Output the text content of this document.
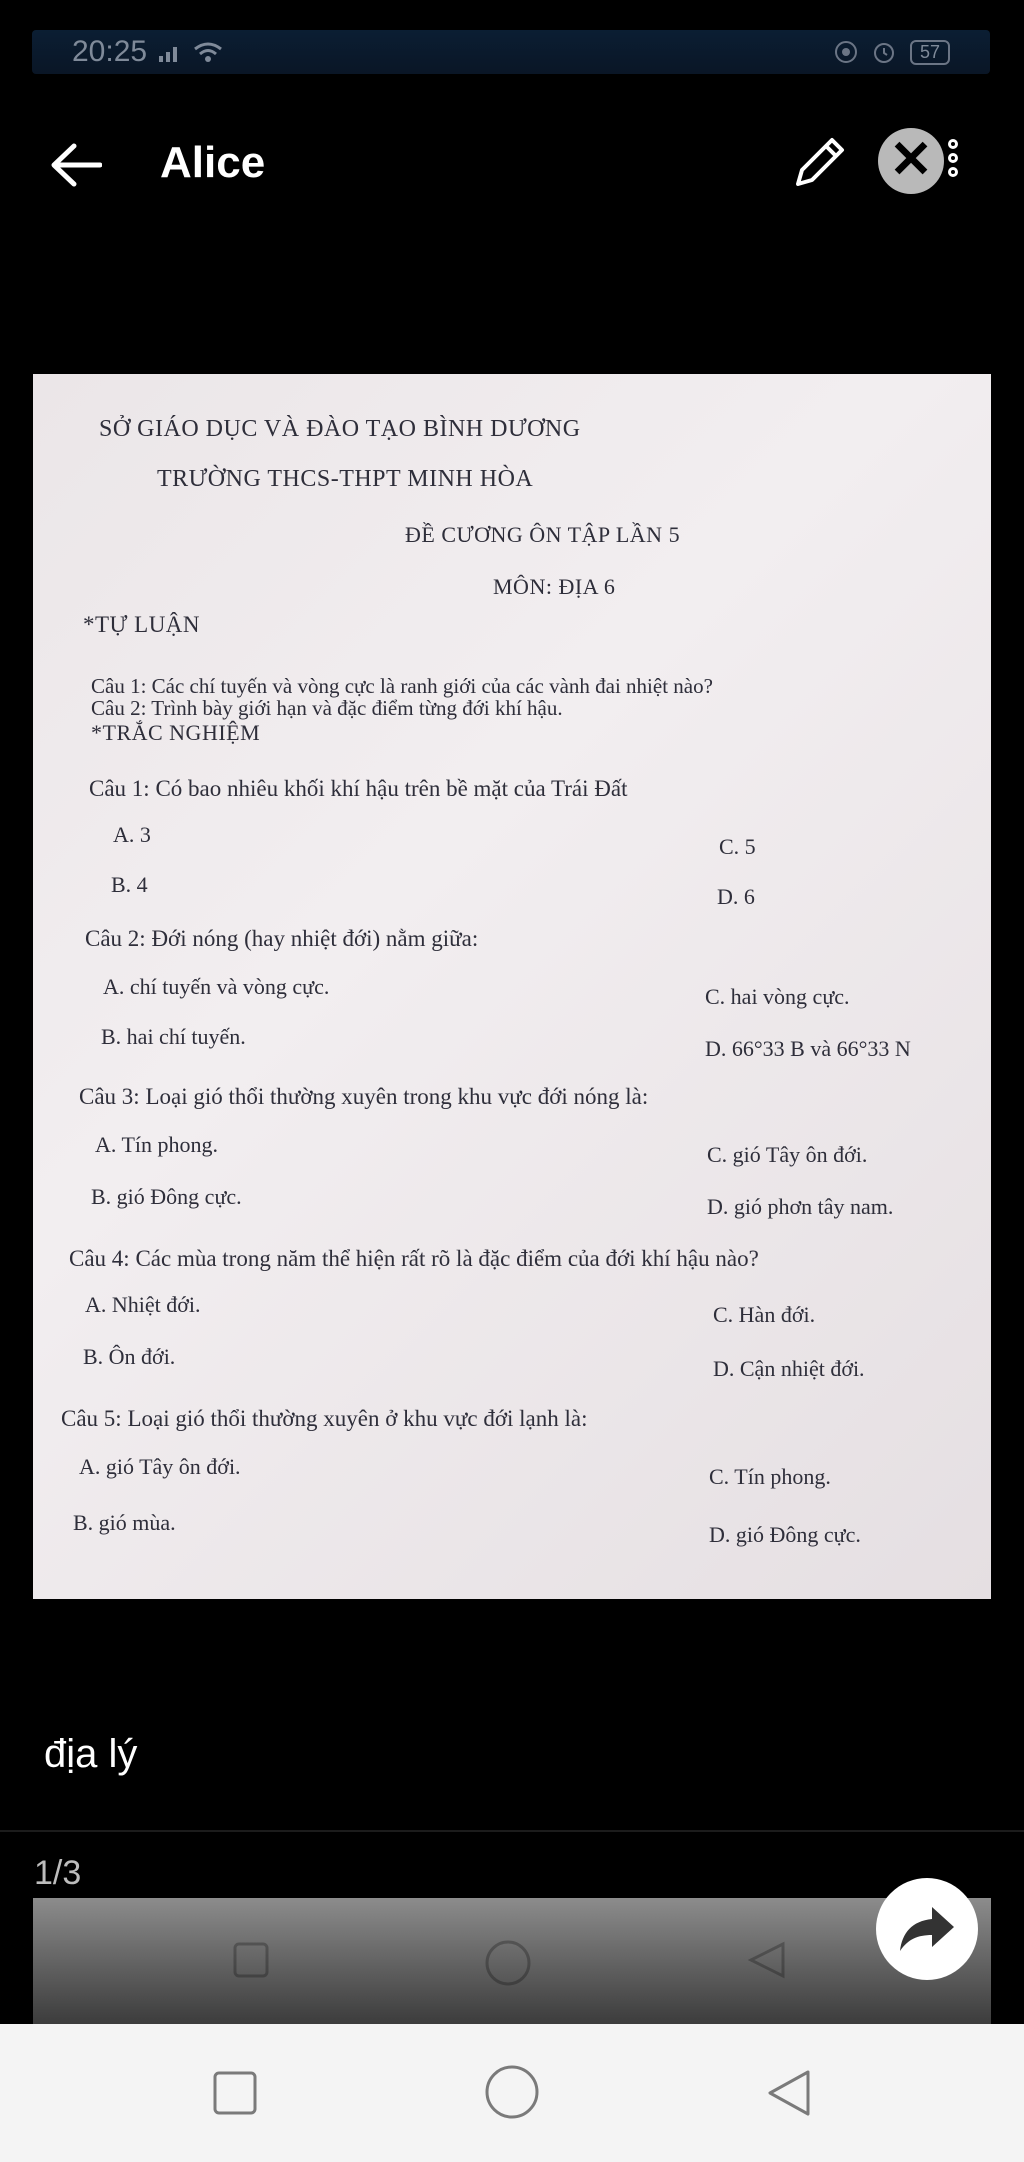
20:25	57
Alice	✕
SỞ GIÁO DỤC VÀ ĐÀO TẠO BÌNH DƯƠNG
TRƯỜNG THCS-THPT MINH HÒA
ĐỀ CƯƠNG ÔN TẬP LẦN 5
MÔN: ĐỊA 6
*TỰ LUẬN
Câu 1: Các chí tuyến và vòng cực là ranh giới của các vành đai nhiệt nào?
Câu 2: Trình bày giới hạn và đặc điểm từng đới khí hậu.
*TRẮC NGHIỆM
Câu 1: Có bao nhiêu khối khí hậu trên bề mặt của Trái Đất
A. 3	C. 5
B. 4	D. 6
Câu 2: Đới nóng (hay nhiệt đới) nằm giữa:
A. chí tuyến và vòng cực.	C. hai vòng cực.
B. hai chí tuyến.	D. 66°33 B và 66°33 N
Câu 3: Loại gió thổi thường xuyên trong khu vực đới nóng là:
A. Tín phong.	C. gió Tây ôn đới.
B. gió Đông cực.	D. gió phơn tây nam.
Câu 4: Các mùa trong năm thể hiện rất rõ là đặc điểm của đới khí hậu nào?
A. Nhiệt đới.	C. Hàn đới.
B. Ôn đới.	D. Cận nhiệt đới.
Câu 5: Loại gió thổi thường xuyên ở khu vực đới lạnh là:
A. gió Tây ôn đới.	C. Tín phong.
B. gió mùa.	D. gió Đông cực.
địa lý
1/3
